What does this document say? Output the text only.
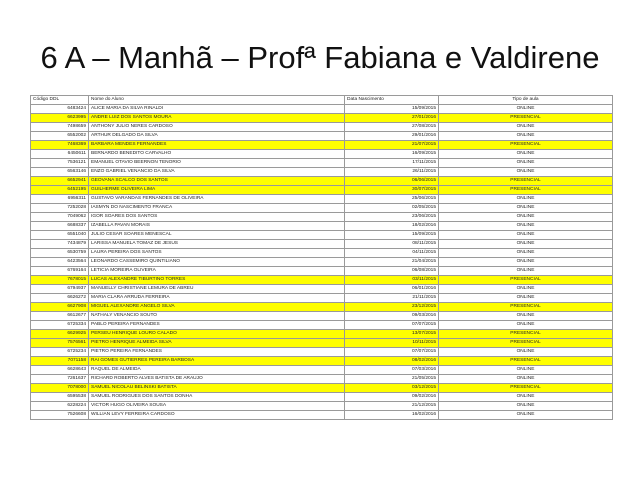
6 A – Manhã – Profª Fabiana e Valdirene
Código DDL	Nome do Aluno	Data Nascimento	Tipo de aula
6483424	ALICE MARIA DA SILVA RINALDI	15/09/2015	ONLINE
6623995	ANDRE LUIZ DOS SANTOS MOURA	27/01/2016	PRESENCIAL
7498659	ANTHONY JULIO NERES CARDOSO	27/08/2015	ONLINE
6552002	ARTHUR DELGADO DA SILVA	29/01/2016	ONLINE
7468369	BARBARA MENDES FERNANDES	21/07/2015	PRESENCIAL
6450611	BERNARDO BENEDITO CARVALHO	16/09/2015	ONLINE
7536121	EMANUEL OTAVIO BEERNON TENORIO	17/11/2015	ONLINE
6563146	ENZO GABRIEL VENANCIO DA SILVA	26/11/2015	ONLINE
6652941	GEOVANA SCALCO DOS SANTOS	06/06/2015	PRESENCIAL
6452195	GUILHERME OLIVEIRA LIMA	30/07/2015	PRESENCIAL
6956311	GUSTAVO VARANDAS FERNANDES DE OLIVEIRA	25/06/2015	ONLINE
7252028	IASMYN DO NASCIMENTO FRANCA	02/05/2015	ONLINE
7049062	IGOR SOARES DOS SANTOS	23/06/2015	ONLINE
6688337	IZABELLA PAVAN MORAIS	18/02/2016	ONLINE
6551040	JULIO CESAR SOARES MENESCAL	15/09/2015	ONLINE
7434879	LARISSA MANUELA TOMAZ DE JESUS	08/11/2015	ONLINE
6530759	LAURA PEREIRA DOS SANTOS	04/11/2015	ONLINE
6423564	LEONARDO CASSEMIRO QUINTILIANO	21/04/2015	ONLINE
6769164	LETICIA MOREIRA OLIVEIRA	06/08/2015	ONLINE
7678015	LUCAS ALEXANDRE TIBURTINO TORRES	03/11/2015	PRESENCIAL
6794937	MANUELLY CHRISTIANE LEMURA DE ABREU	06/01/2016	ONLINE
6626272	MARIA CLARA ARRUDA FERREIRA	21/11/2015	ONLINE
6627908	MIGUEL ALEXANDRE ANGELO SILVA	23/12/2015	PRESENCIAL
6612677	NATHALY VENANCIO SOUTO	09/03/2016	ONLINE
6725334	PABLO PEREIRA FERNANDES	07/07/2015	ONLINE
6629925	PERSEU HENRIQUE LOURO CALADO	13/07/2015	PRESENCIAL
7576561	PIETRO HENRIQUE ALMEIDA SILVA	10/11/2015	PRESENCIAL
6725234	PIETRO PEREIRA FERNANDES	07/07/2015	ONLINE
7071158	RAI GOMES GUTIERRES PEREIRA BARBOSA	08/02/2016	PRESENCIAL
6628643	RAQUEL DE ALMEIDA	07/03/2016	ONLINE
7261637	RICHARD ROBERTO ALVES BATISTA DE ARAUJO	21/05/2015	ONLINE
7078000	SAMUEL NICOLAU BELINSKI BATISTA	03/12/2015	PRESENCIAL
6595538	SAMUEL RODRIGUES DOS SANTOS DONHA	09/02/2016	ONLINE
6228224	VICTOR HUGO OLIVEIRA SOUSA	21/12/2015	ONLINE
7526608	WILLIAN LEVY FERREIRA CARDOSO	16/02/2016	ONLINE
